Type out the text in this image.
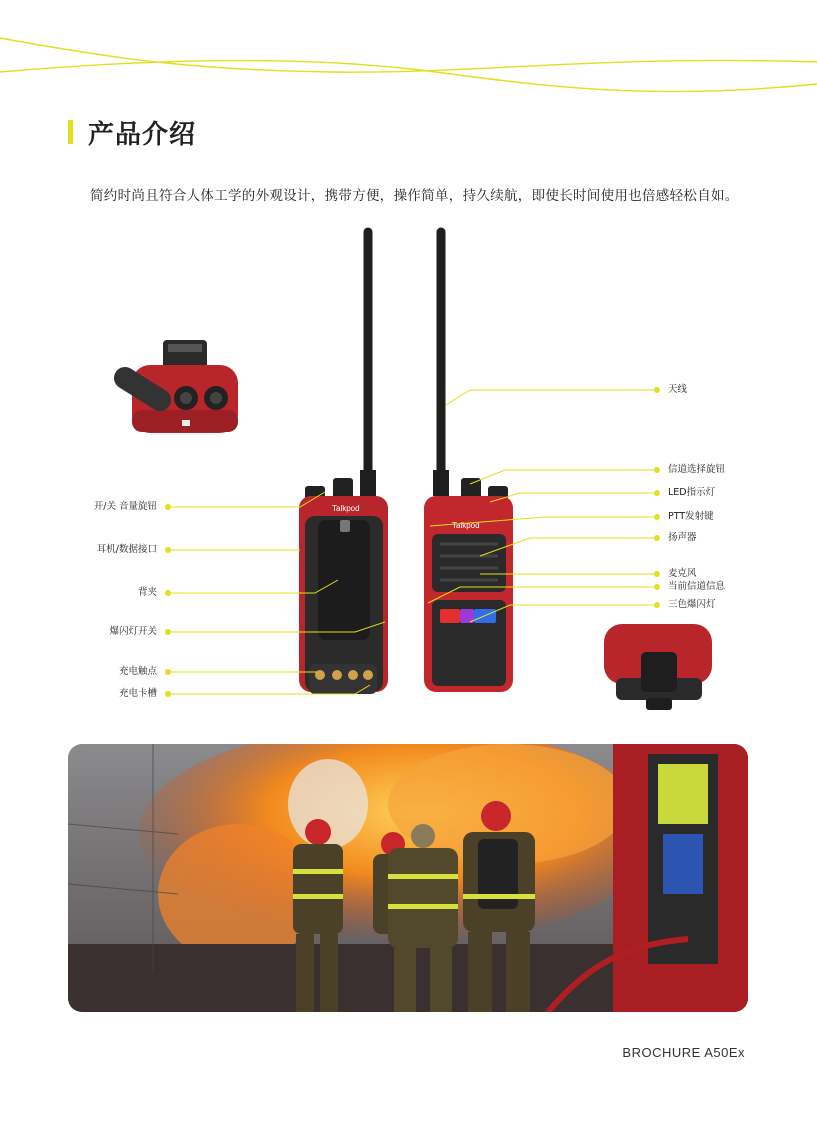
产品介绍
简约时尚且符合人体工学的外观设计，携带方便，操作简单，持久续航，即使长时间使用也倍感轻松自如。
Talkpod
Talkpod
开/关 音量旋钮
耳机/数据接口
背夹
爆闪灯开关
充电触点
充电卡槽
天线
信道选择旋钮
LED指示灯
PTT发射键
扬声器
麦克风
当前信道信息
三色爆闪灯
BROCHURE A50Ex
